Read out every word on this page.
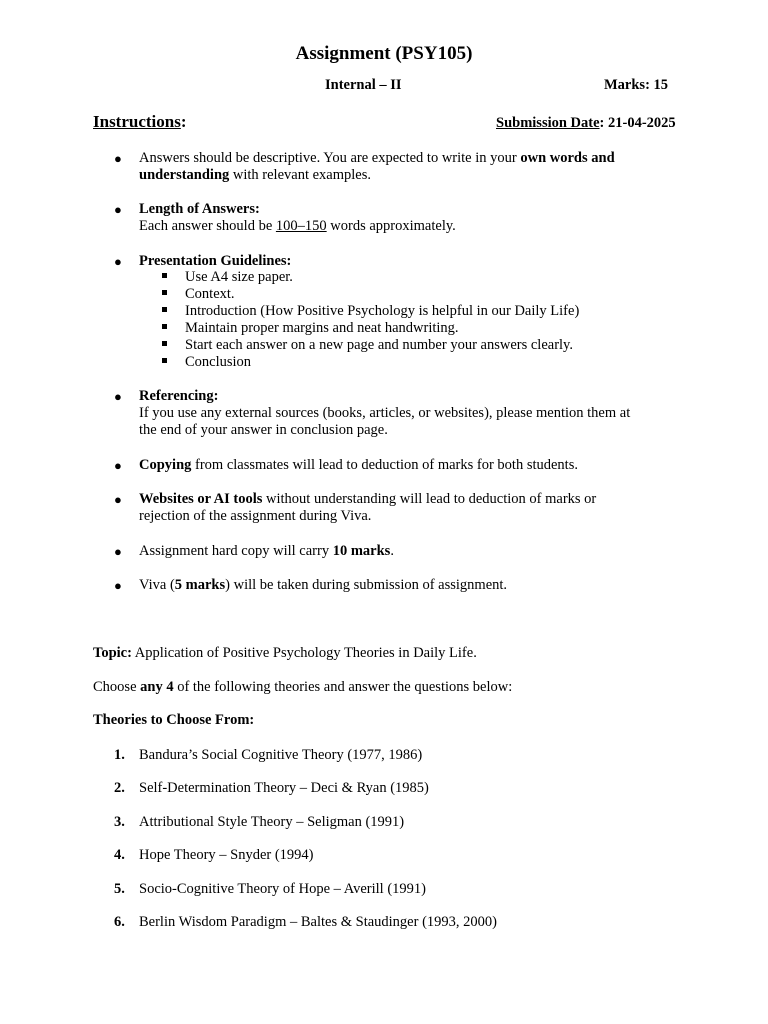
Assignment (PSY105)
Internal – II	Marks: 15
Instructions:	Submission Date: 21-04-2025
● Answers should be descriptive. You are expected to write in your own words and
understanding with relevant examples.
● Length of Answers:
Each answer should be 100–150 words approximately.
● Presentation Guidelines:
Use A4 size paper.
Context.
Introduction (How Positive Psychology is helpful in our Daily Life)
Maintain proper margins and neat handwriting.
Start each answer on a new page and number your answers clearly.
Conclusion
● Referencing:
If you use any external sources (books, articles, or websites), please mention them at
the end of your answer in conclusion page.
● Copying from classmates will lead to deduction of marks for both students.
● Websites or AI tools without understanding will lead to deduction of marks or
rejection of the assignment during Viva.
● Assignment hard copy will carry 10 marks.
● Viva (5 marks) will be taken during submission of assignment.
Topic: Application of Positive Psychology Theories in Daily Life.
Choose any 4 of the following theories and answer the questions below:
Theories to Choose From:
1. Bandura’s Social Cognitive Theory (1977, 1986)
2. Self-Determination Theory – Deci & Ryan (1985)
3. Attributional Style Theory – Seligman (1991)
4. Hope Theory – Snyder (1994)
5. Socio-Cognitive Theory of Hope – Averill (1991)
6. Berlin Wisdom Paradigm – Baltes & Staudinger (1993, 2000)
